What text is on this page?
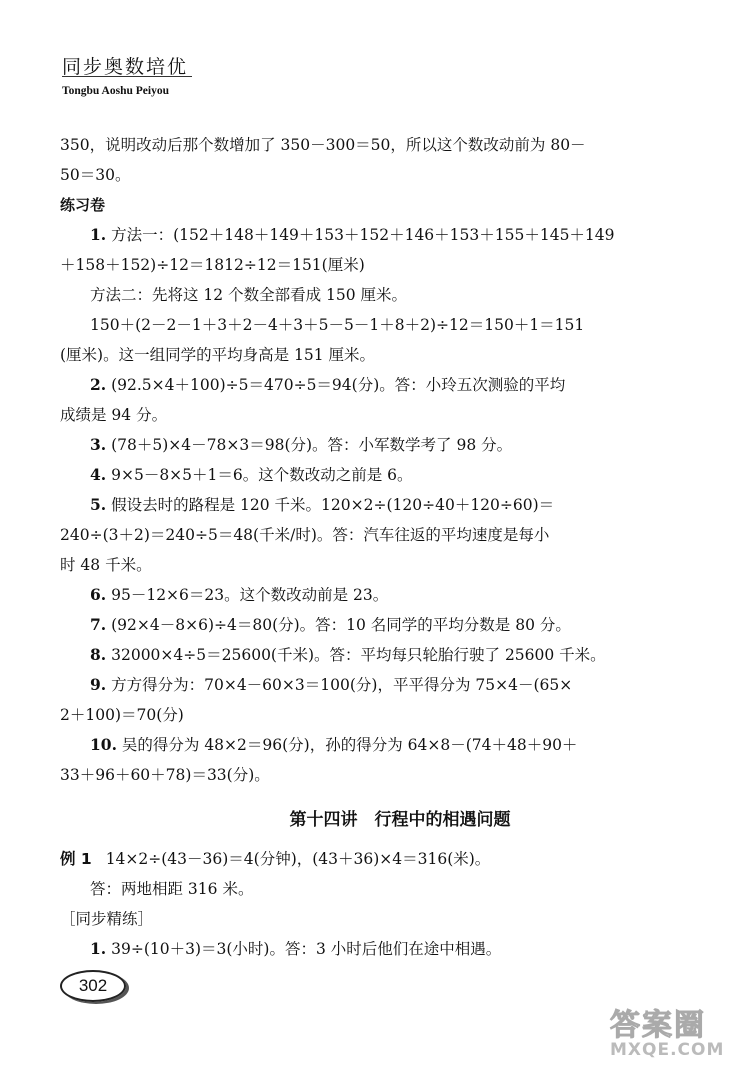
同步奥数培优
Tongbu Aoshu Peiyou
350，说明改动后那个数增加了 350－300＝50，所以这个数改动前为 80－
50＝30。
练习卷
1. 方法一：(152＋148＋149＋153＋152＋146＋153＋155＋145＋149
＋158＋152)÷12＝1812÷12＝151(厘米)
方法二：先将这 12 个数全部看成 150 厘米。
150＋(2－2－1＋3＋2－4＋3＋5－5－1＋8＋2)÷12＝150＋1＝151
(厘米)。这一组同学的平均身高是 151 厘米。
2. (92.5×4＋100)÷5＝470÷5＝94(分)。答：小玲五次测验的平均
成绩是 94 分。
3. (78＋5)×4－78×3＝98(分)。答：小军数学考了 98 分。
4. 9×5－8×5＋1＝6。这个数改动之前是 6。
5. 假设去时的路程是 120 千米。120×2÷(120÷40＋120÷60)＝
240÷(3＋2)＝240÷5＝48(千米/时)。答：汽车往返的平均速度是每小
时 48 千米。
6. 95－12×6＝23。这个数改动前是 23。
7. (92×4－8×6)÷4＝80(分)。答：10 名同学的平均分数是 80 分。
8. 32000×4÷5＝25600(千米)。答：平均每只轮胎行驶了 25600 千米。
9. 方方得分为：70×4－60×3＝100(分)，平平得分为 75×4－(65×
2＋100)＝70(分)
10. 吴的得分为 48×2＝96(分)，孙的得分为 64×8－(74＋48＋90＋
33＋96＋60＋78)＝33(分)。
第十四讲　行程中的相遇问题
例 1 14×2÷(43－36)＝4(分钟)，(43＋36)×4＝316(米)。
答：两地相距 316 米。
［同步精练］
1. 39÷(10＋3)＝3(小时)。答：3 小时后他们在途中相遇。
302
答案圈
MXQE.COM
